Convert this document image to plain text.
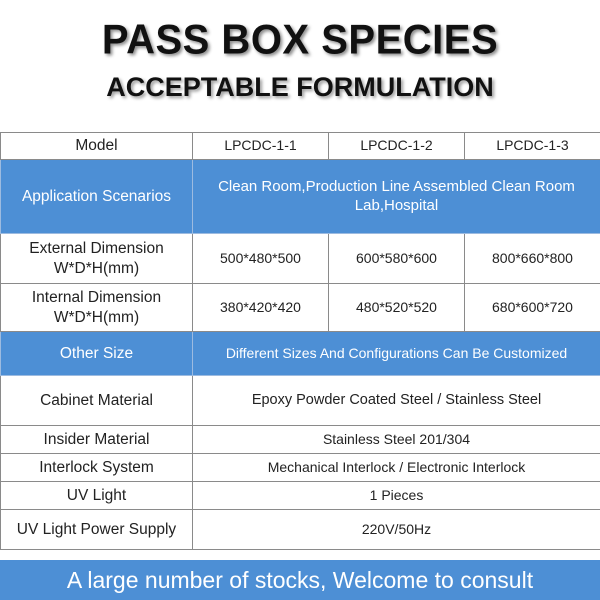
PASS BOX SPECIES
ACCEPTABLE FORMULATION
Model	LPCDC-1-1	LPCDC-1-2	LPCDC-1-3
Application Scenarios	Clean Room,Production Line Assembled Clean Room Lab,Hospital		
External Dimension W*D*H(mm)	500*480*500	600*580*600	800*660*800
Internal Dimension W*D*H(mm)	380*420*420	480*520*520	680*600*720
Other Size	Different Sizes And Configurations Can Be Customized		
Cabinet Material	Epoxy Powder Coated Steel / Stainless Steel		
Insider Material	Stainless Steel 201/304		
Interlock System	Mechanical Interlock / Electronic Interlock		
UV Light	1 Pieces		
UV Light Power Supply	220V/50Hz		
A large number of stocks, Welcome to consult
